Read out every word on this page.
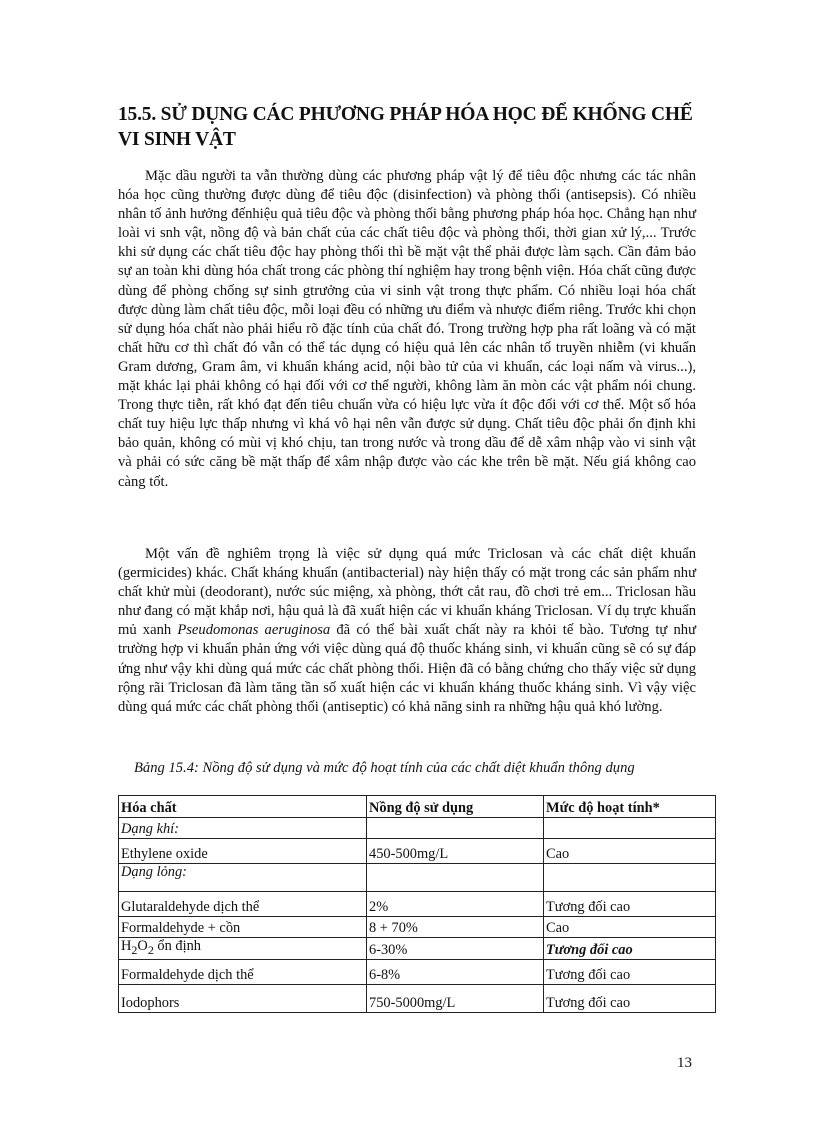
15.5. SỬ DỤNG CÁC PHƯƠNG PHÁP HÓA HỌC ĐỂ KHỐNG CHẾ VI SINH VẬT

Mặc dầu người ta vẫn thường dùng các phương pháp vật lý để tiêu độc nhưng các tác nhân hóa học cũng thường được dùng để tiêu độc (disinfection) và phòng thối (antisepsis). Có nhiều nhân tố ảnh hưởng đếnhiệu quả tiêu độc và phòng thối bằng phương pháp hóa học. Chẳng hạn như loài vi snh vật, nồng độ và bản chất của các chất tiêu độc và phòng thối, thời gian xử lý,... Trước khi sử dụng các chất tiêu độc hay phòng thối thì bề mặt vật thể phải được làm sạch. Cần đảm bảo sự an toàn khi dùng hóa chất trong các phòng thí nghiệm hay trong bệnh viện. Hóa chất cũng được dùng để phòng chống sự sinh gtrưởng của vi sinh vật trong thực phẩm. Có nhiều loại hóa chất được dùng làm chất tiêu độc, mỗi loại đều có những ưu điểm và nhược điểm riêng. Trước khi chọn sử dụng hóa chất nào phải hiểu rõ đặc tính của chất đó. Trong trường hợp pha rất loãng và có mặt chất hữu cơ thì chất đó vẫn có thể tác dụng có hiệu quả lên các nhân tố truyền nhiễm (vi khuẩn Gram dương, Gram âm, vi khuẩn kháng acid, nội bào tử của vi khuẩn, các loại nấm và virus...), mặt khác lại phải không có hại đối với cơ thể người, không làm ăn mòn các vật phẩm nói chung. Trong thực tiễn, rất khó đạt đến tiêu chuẩn vừa có hiệu lực vừa ít độc đối với cơ thể. Một số hóa chất tuy hiệu lực thấp nhưng vì khá vô hại nên vẫn được sử dụng. Chất tiêu độc phải ổn định khi bảo quản, không có mùi vị khó chịu, tan trong nước và trong dầu để dễ xâm nhập vào vi sinh vật và phải có sức căng bề mặt thấp để xâm nhập được vào các khe trên bề mặt. Nếu giá không cao càng tốt.

Một vấn đề nghiêm trọng là việc sử dụng quá mức Triclosan và các chất diệt khuẩn (germicides) khác. Chất kháng khuẩn (antibacterial) này hiện thấy có mặt trong các sản phẩm như chất khử mùi (deodorant), nước súc miệng, xà phòng, thớt cắt rau, đồ chơi trẻ em... Triclosan hầu như đang có mặt khắp nơi, hậu quả là đã xuất hiện các vi khuẩn kháng Triclosan. Ví dụ trực khuẩn mủ xanh Pseudomonas aeruginosa đã có thể bài xuất chất này ra khỏi tế bào. Tương tự như trường hợp vi khuẩn phản ứng với việc dùng quá độ thuốc kháng sinh, vi khuẩn cũng sẽ có sự đáp ứng như vậy khi dùng quá mức các chất phòng thối. Hiện đã có bằng chứng cho thấy việc sử dụng rộng rãi Triclosan đã làm tăng tần số xuất hiện các vi khuẩn kháng thuốc kháng sinh. Vì vậy việc dùng quá mức các chất phòng thối (antiseptic) có khả năng sinh ra những hậu quả khó lường.

Bảng 15.4: Nồng độ sử dụng và mức độ hoạt tính của các chất diệt khuẩn thông dụng
Hóa chất	Nồng độ sử dụng	Mức độ hoạt tính*
Dạng khí:		
Ethylene oxide	450-500mg/L	Cao
Dạng lỏng:		
Glutaraldehyde dịch thể	2%	Tương đối cao
Formaldehyde + cồn	8 + 70%	Cao
$H_2O_2$ ổn định	6-30%	Tương đối cao
Formaldehyde dịch thể	6-8%	Tương đối cao
Iodophors	750-5000mg/L	Tương đối cao
13
